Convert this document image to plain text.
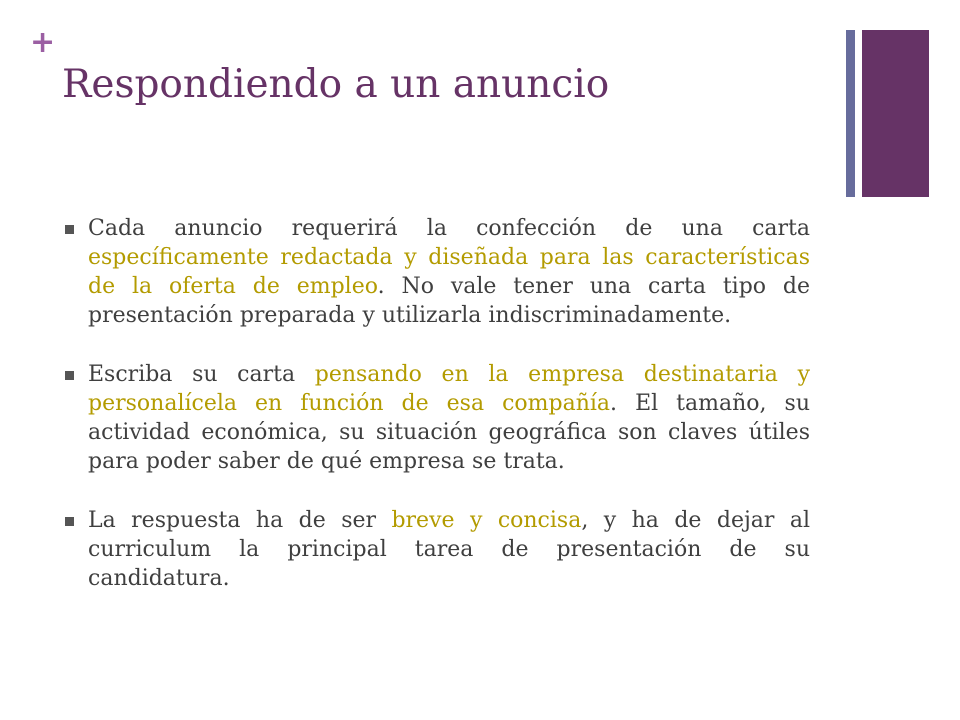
+
Respondiendo a un anuncio
Cada anuncio requerirá la confección de una carta específicamente redactada y diseñada para las características de la oferta de empleo. No vale tener una carta tipo de presentación preparada y utilizarla indiscriminadamente.
Escriba su carta pensando en la empresa destinataria y personalícela en función de esa compañía. El tamaño, su actividad económica, su situación geográfica son claves útiles para poder saber de qué empresa se trata.
La respuesta ha de ser breve y concisa, y ha de dejar al curriculum la principal tarea de presentación de su candidatura.
